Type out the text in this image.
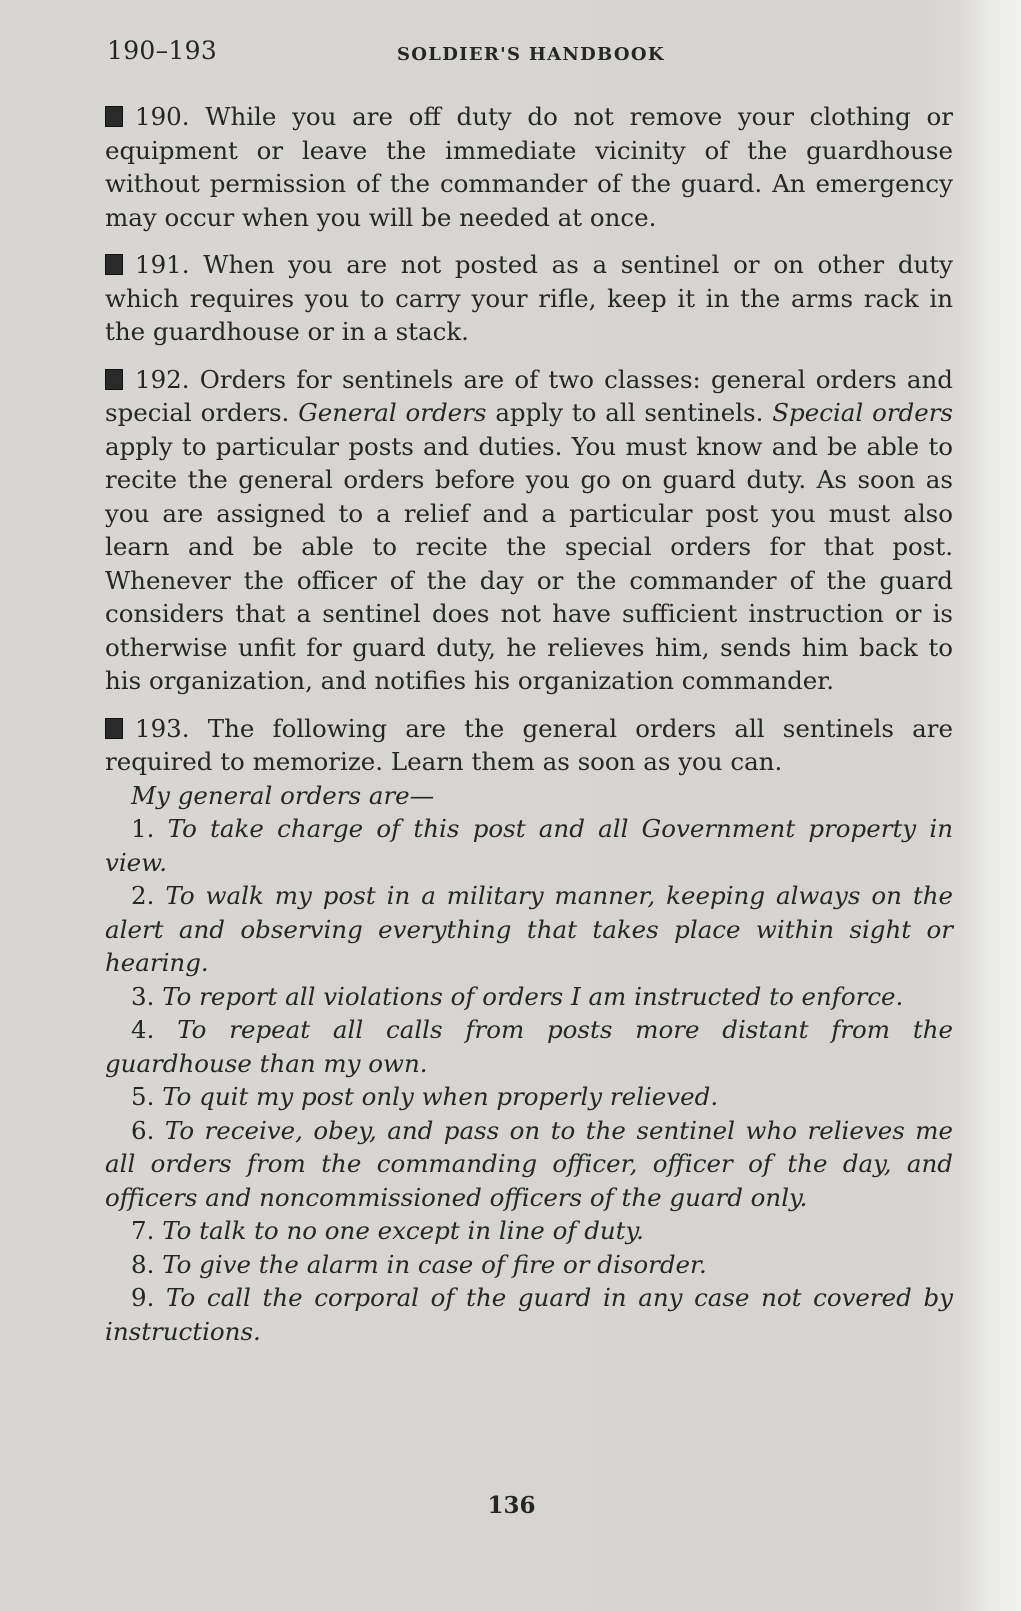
190–193	SOLDIER'S HANDBOOK

190. While you are off duty do not remove your clothing or equipment or leave the immediate vicinity of the guardhouse without permission of the commander of the guard. An emergency may occur when you will be needed at once.

191. When you are not posted as a sentinel or on other duty which requires you to carry your rifle, keep it in the arms rack in the guardhouse or in a stack.

192. Orders for sentinels are of two classes: general orders and special orders. General orders apply to all sentinels. Special orders apply to particular posts and duties. You must know and be able to recite the general orders before you go on guard duty. As soon as you are assigned to a relief and a particular post you must also learn and be able to recite the special orders for that post. Whenever the officer of the day or the commander of the guard considers that a sentinel does not have sufficient instruction or is otherwise unfit for guard duty, he relieves him, sends him back to his organization, and notifies his organization commander.

193. The following are the general orders all sentinels are required to memorize. Learn them as soon as you can.

My general orders are—

1. To take charge of this post and all Government property in view.

2. To walk my post in a military manner, keeping always on the alert and observing everything that takes place within sight or hearing.

3. To report all violations of orders I am instructed to enforce.

4. To repeat all calls from posts more distant from the guardhouse than my own.

5. To quit my post only when properly relieved.

6. To receive, obey, and pass on to the sentinel who relieves me all orders from the commanding officer, officer of the day, and officers and noncommissioned officers of the guard only.

7. To talk to no one except in line of duty.

8. To give the alarm in case of fire or disorder.

9. To call the corporal of the guard in any case not covered by instructions.

136
